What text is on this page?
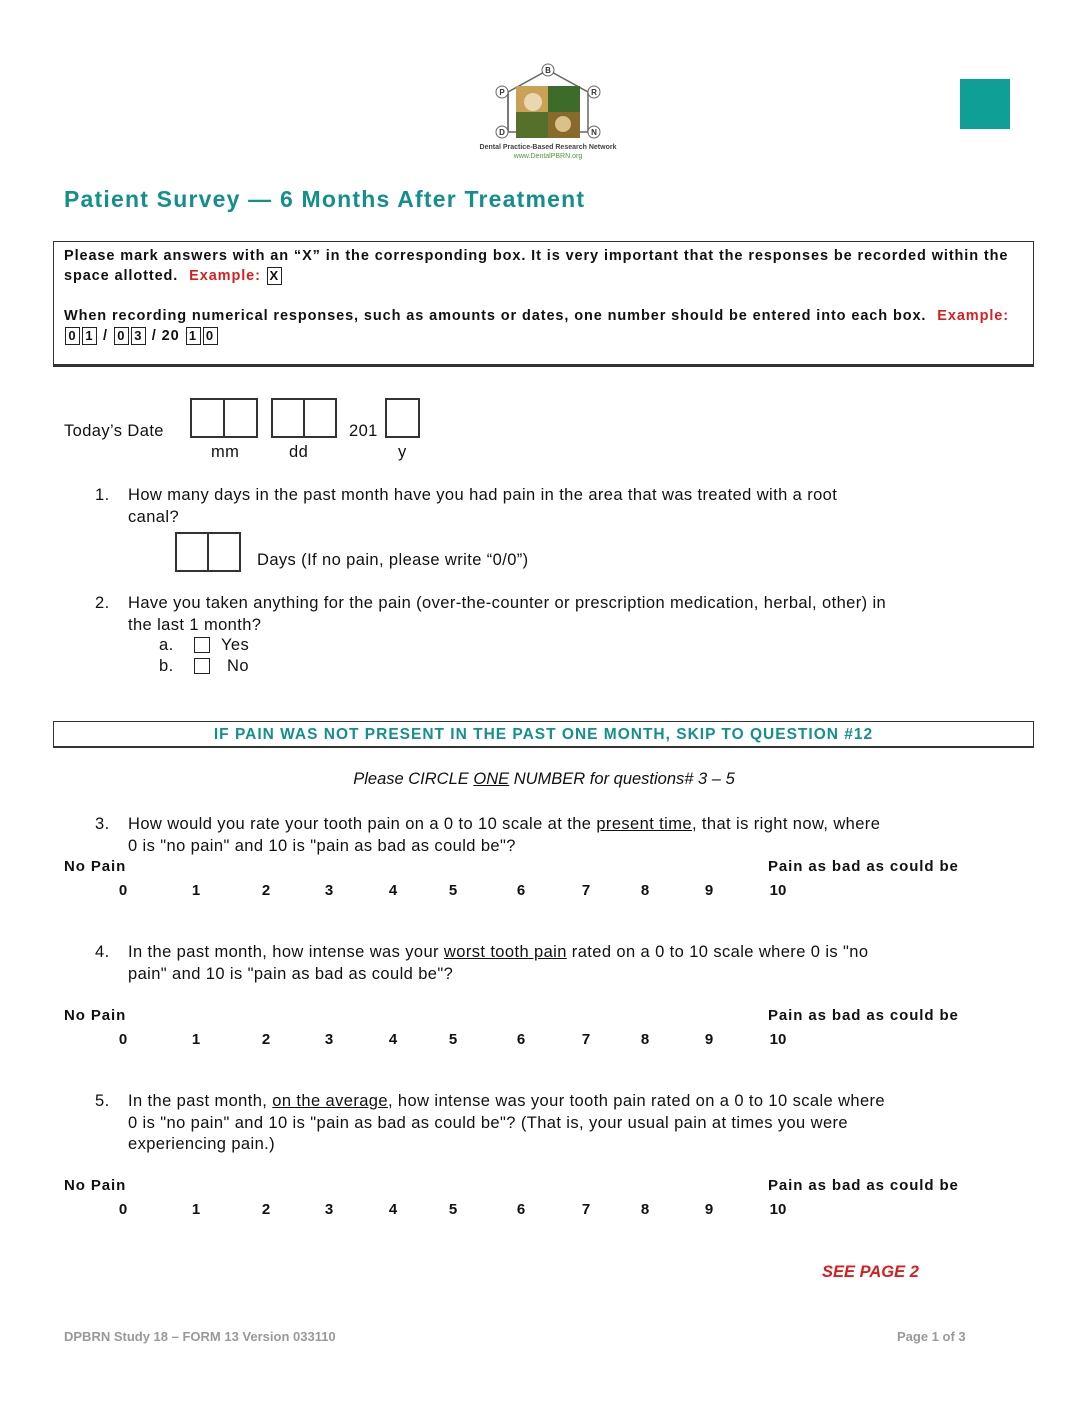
B
P	R
D	N
Dental Practice-Based Research Network
www.DentalPBRN.org
Patient Survey — 6 Months After Treatment
Please mark answers with an “X” in the corresponding box. It is very important that the responses be recorded within the space allotted. Example: X
When recording numerical responses, such as amounts or dates, one number should be entered into each box. Example: 0 1 / 0 3 / 20 1 0
Today’s Date	201
mm	dd	y
1. How many days in the past month have you had pain in the area that was treated with a root
canal?
Days (If no pain, please write “0/0”)
2. Have you taken anything for the pain (over-the-counter or prescription medication, herbal, other) in
the last 1 month?
a.	Yes
b.	No
IF PAIN WAS NOT PRESENT IN THE PAST ONE MONTH, SKIP TO QUESTION #12
Please CIRCLE ONE NUMBER for questions# 3 – 5
3. How would you rate your tooth pain on a 0 to 10 scale at the present time, that is right now, where
0 is "no pain" and 10 is "pain as bad as could be"?
4. In the past month, how intense was your worst tooth pain rated on a 0 to 10 scale where 0 is "no
pain" and 10 is "pain as bad as could be"?
5. In the past month, on the average, how intense was your tooth pain rated on a 0 to 10 scale where
0 is "no pain" and 10 is "pain as bad as could be"? (That is, your usual pain at times you were
experiencing pain.)
SEE PAGE 2
DPBRN Study 18 – FORM 13 Version 033110	Page 1 of 3
No Pain	Pain as bad as could be
0	1	2	3	4	5	6	7	8	9	10
No Pain	Pain as bad as could be
0	1	2	3	4	5	6	7	8	9	10
No Pain	Pain as bad as could be
0	1	2	3	4	5	6	7	8	9	10
